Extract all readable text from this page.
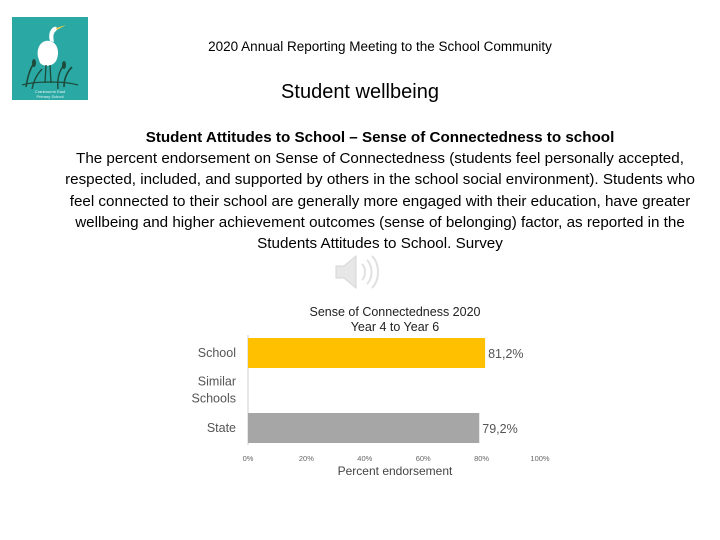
Cranbourne East
Primary School
2020 Annual Reporting Meeting to the School Community
Student wellbeing
Student Attitudes to School – Sense of Connectedness to school
The percent endorsement on Sense of Connectedness (students feel personally accepted, respected, included, and supported by others in the school social environment). Students who feel connected to their school are generally more engaged with their education, have greater wellbeing and higher achievement outcomes (sense of belonging) factor, as reported in the Students Attitudes to School. Survey
Sense of Connectedness 2020
Year 4 to Year 6
Percent endorsement
School	81,2%
Similar
Schools
State	79,2%
0%	20%	40%	60%	80%	100%
